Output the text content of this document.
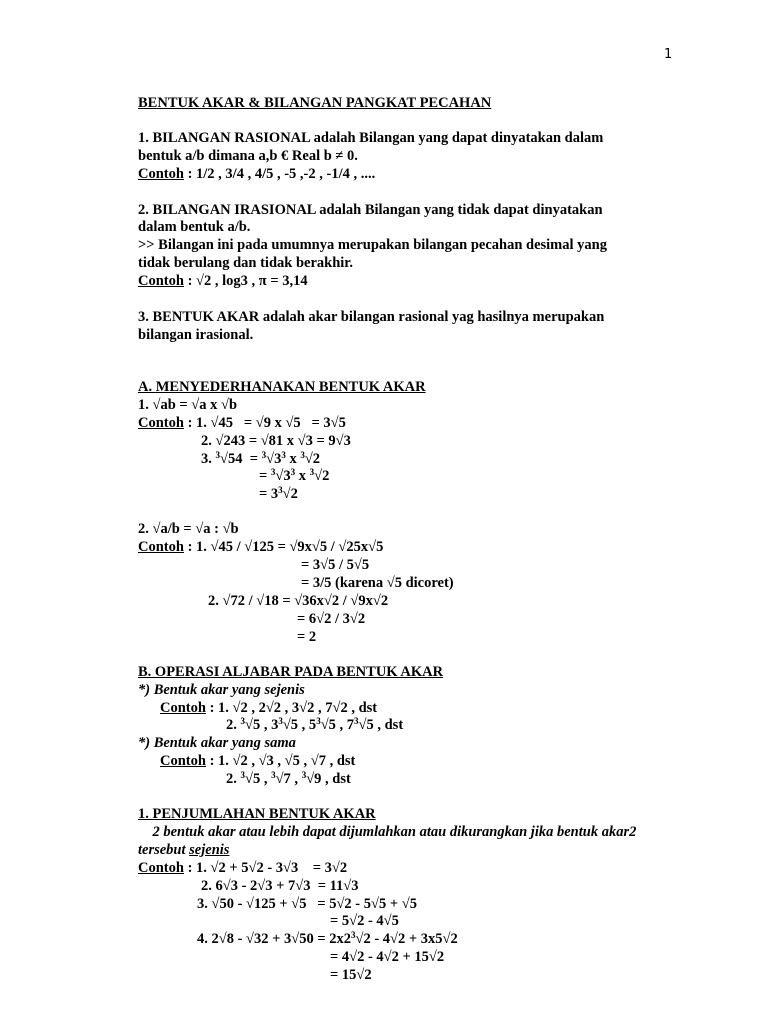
1
BENTUK AKAR & BILANGAN PANGKAT PECAHAN
1. BILANGAN RASIONAL adalah Bilangan yang dapat dinyatakan dalam
bentuk a/b dimana a,b € Real b ≠ 0.
Contoh : 1/2 , 3/4 , 4/5 , -5 ,-2 , -1/4 , ....
2. BILANGAN IRASIONAL adalah Bilangan yang tidak dapat dinyatakan
dalam bentuk a/b.
>> Bilangan ini pada umumnya merupakan bilangan pecahan desimal yang
tidak berulang dan tidak berakhir.
Contoh : √2 , log3 , π = 3,14
3. BENTUK AKAR adalah akar bilangan rasional yag hasilnya merupakan
bilangan irasional.
A. MENYEDERHANAKAN BENTUK AKAR
1. √ab = √a x √b
Contoh : 1. √45   = √9 x √5   = 3√5
2. √243 = √81 x √3 = 9√3
3. $^3√54 = ^3√3^3$ x $^3$√2
= $^3√3^3$ x $^3$√2
= $3^3√2$
2. √a/b = √a : √b
Contoh : 1. √45 / √125 = √9x√5 / √25x√5
= 3√5 / 5√5
= 3/5 (karena √5 dicoret)
2. √72 / √18 = √36x√2 / √9x√2
= 6√2 / 3√2
= 2
B. OPERASI ALJABAR PADA BENTUK AKAR
*) Bentuk akar yang sejenis
Contoh : 1. √2 , 2√2 , 3√2 , 7√2 , dst
2. $^3$√5 , $3^3√5$ , $5^3√5$ , $7^3√5$ , dst
*) Bentuk akar yang sama
Contoh : 1. √2 , √3 , √5 , √7 , dst
2. $^3$√5 , $^3$√7 , $^3$√9 , dst
1. PENJUMLAHAN BENTUK AKAR
2 bentuk akar atau lebih dapat dijumlahkan atau dikurangkan jika bentuk akar2
tersebut sejenis
Contoh : 1. √2 + 5√2 - 3√3    = 3√2
2. 6√3 - 2√3 + 7√3  = 11√3
3. √50 - √125 + √5   = 5√2 - 5√5 + √5
= 5√2 - 4√5
4. $2√8 - √32 + 3√50 = 2x2^3√2 - 4√2 + 3x5√2$
= 4√2 - 4√2 + 15√2
= 15√2
